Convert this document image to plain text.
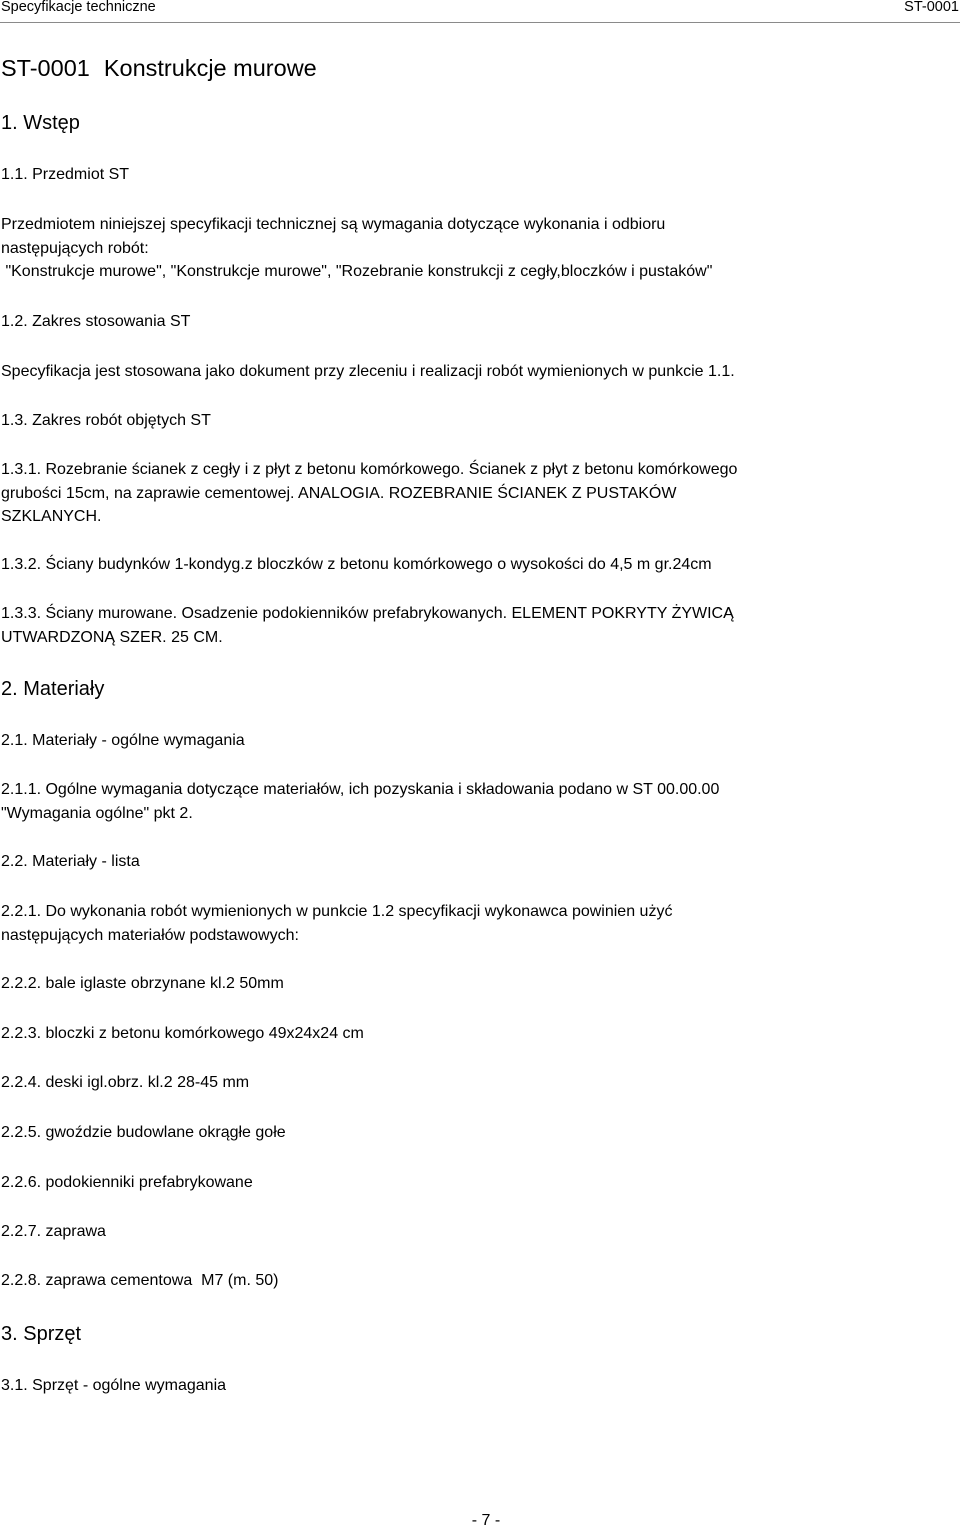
Specyfikacje techniczne	ST-0001
ST-0001 Konstrukcje murowe
1. Wstęp
1.1. Przedmiot ST
Przedmiotem niniejszej specyfikacji technicznej są wymagania dotyczące wykonania i odbioru
następujących robót:
"Konstrukcje murowe", "Konstrukcje murowe", "Rozebranie konstrukcji z cegły,bloczków i pustaków"
1.2. Zakres stosowania ST
Specyfikacja jest stosowana jako dokument przy zleceniu i realizacji robót wymienionych w punkcie 1.1.
1.3. Zakres robót objętych ST
1.3.1. Rozebranie ścianek z cegły i z płyt z betonu komórkowego. Ścianek z płyt z betonu komórkowego
grubości 15cm, na zaprawie cementowej. ANALOGIA. ROZEBRANIE ŚCIANEK Z PUSTAKÓW
SZKLANYCH.
1.3.2. Ściany budynków 1-kondyg.z bloczków z betonu komórkowego o wysokości do 4,5 m gr.24cm
1.3.3. Ściany murowane. Osadzenie podokienników prefabrykowanych. ELEMENT POKRYTY ŻYWICĄ
UTWARDZONĄ SZER. 25 CM.
2. Materiały
2.1. Materiały - ogólne wymagania
2.1.1. Ogólne wymagania dotyczące materiałów, ich pozyskania i składowania podano w ST 00.00.00
"Wymagania ogólne" pkt 2.
2.2. Materiały - lista
2.2.1. Do wykonania robót wymienionych w punkcie 1.2 specyfikacji wykonawca powinien użyć
następujących materiałów podstawowych:
2.2.2. bale iglaste obrzynane kl.2 50mm
2.2.3. bloczki z betonu komórkowego 49x24x24 cm
2.2.4. deski igl.obrz. kl.2 28-45 mm
2.2.5. gwoździe budowlane okrągłe gołe
2.2.6. podokienniki prefabrykowane
2.2.7. zaprawa
2.2.8. zaprawa cementowa  M7 (m. 50)
3. Sprzęt
3.1. Sprzęt - ogólne wymagania
- 7 -
